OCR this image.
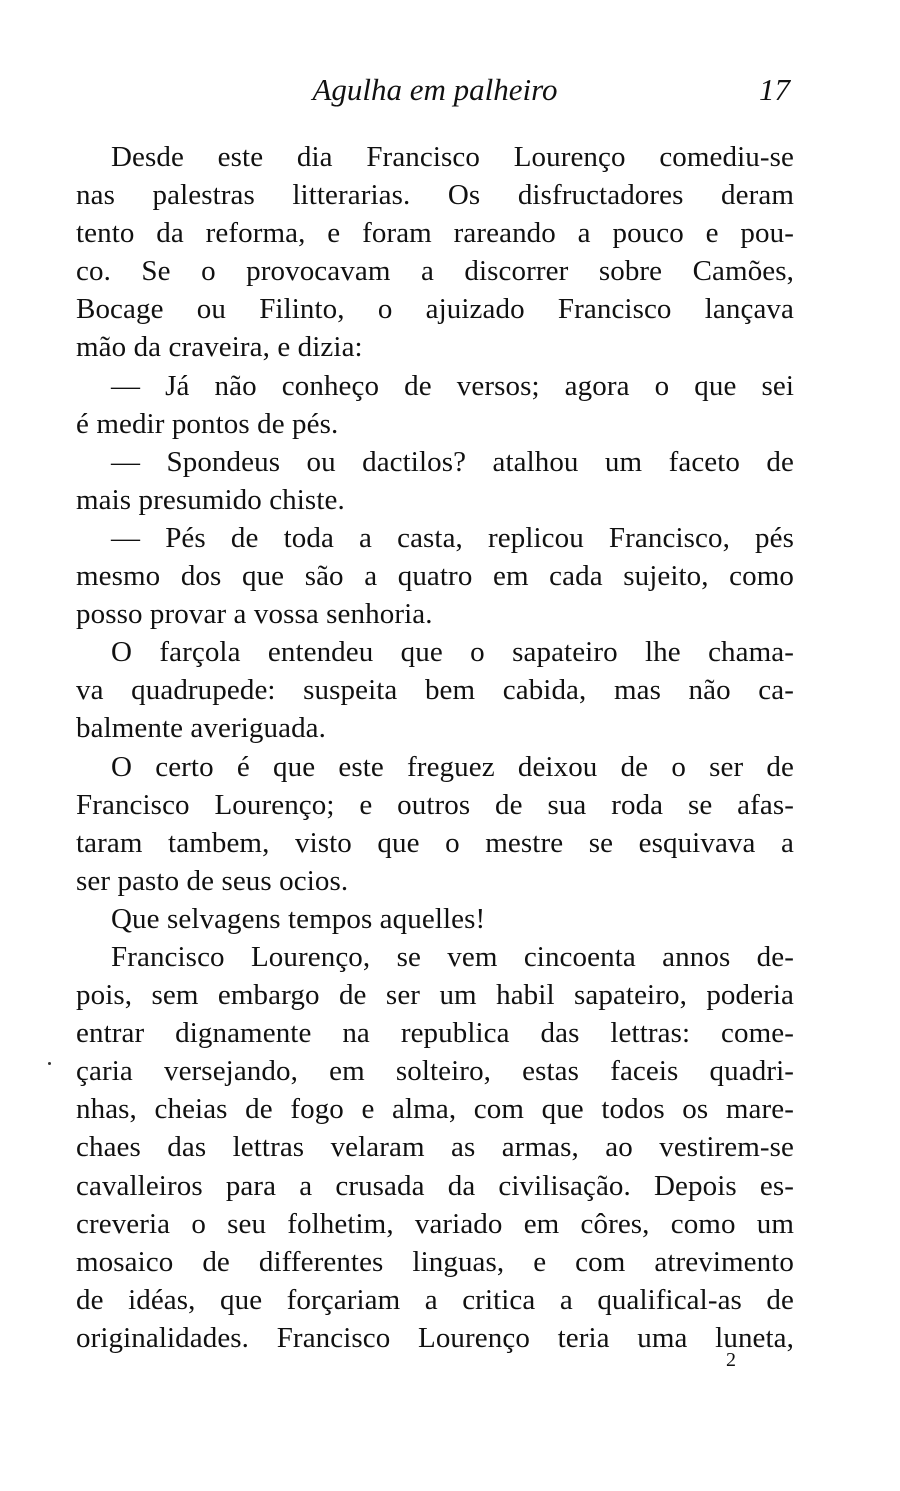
Agulha em palheiro	17
Desde este dia Francisco Lourenço comediu-se
nas palestras litterarias. Os disfructadores deram
tento da reforma, e foram rareando a pouco e pou-
co. Se o provocavam a discorrer sobre Camões,
Bocage ou Filinto, o ajuizado Francisco lançava
mão da craveira, e dizia:
— Já não conheço de versos; agora o que sei
é medir pontos de pés.
— Spondeus ou dactilos? atalhou um faceto de
mais presumido chiste.
— Pés de toda a casta, replicou Francisco, pés
mesmo dos que são a quatro em cada sujeito, como
posso provar a vossa senhoria.
O farçola entendeu que o sapateiro lhe chama-
va quadrupede: suspeita bem cabida, mas não ca-
balmente averiguada.
O certo é que este freguez deixou de o ser de
Francisco Lourenço; e outros de sua roda se afas-
taram tambem, visto que o mestre se esquivava a
ser pasto de seus ocios.
Que selvagens tempos aquelles!
Francisco Lourenço, se vem cincoenta annos de-
pois, sem embargo de ser um habil sapateiro, poderia
entrar dignamente na republica das lettras: come-
çaria versejando, em solteiro, estas faceis quadri-
nhas, cheias de fogo e alma, com que todos os mare-
chaes das lettras velaram as armas, ao vestirem-se
cavalleiros para a crusada da civilisação. Depois es-
creveria o seu folhetim, variado em côres, como um
mosaico de differentes linguas, e com atrevimento
de idéas, que forçariam a critica a qualifical-as de
originalidades. Francisco Lourenço teria uma luneta,
2
